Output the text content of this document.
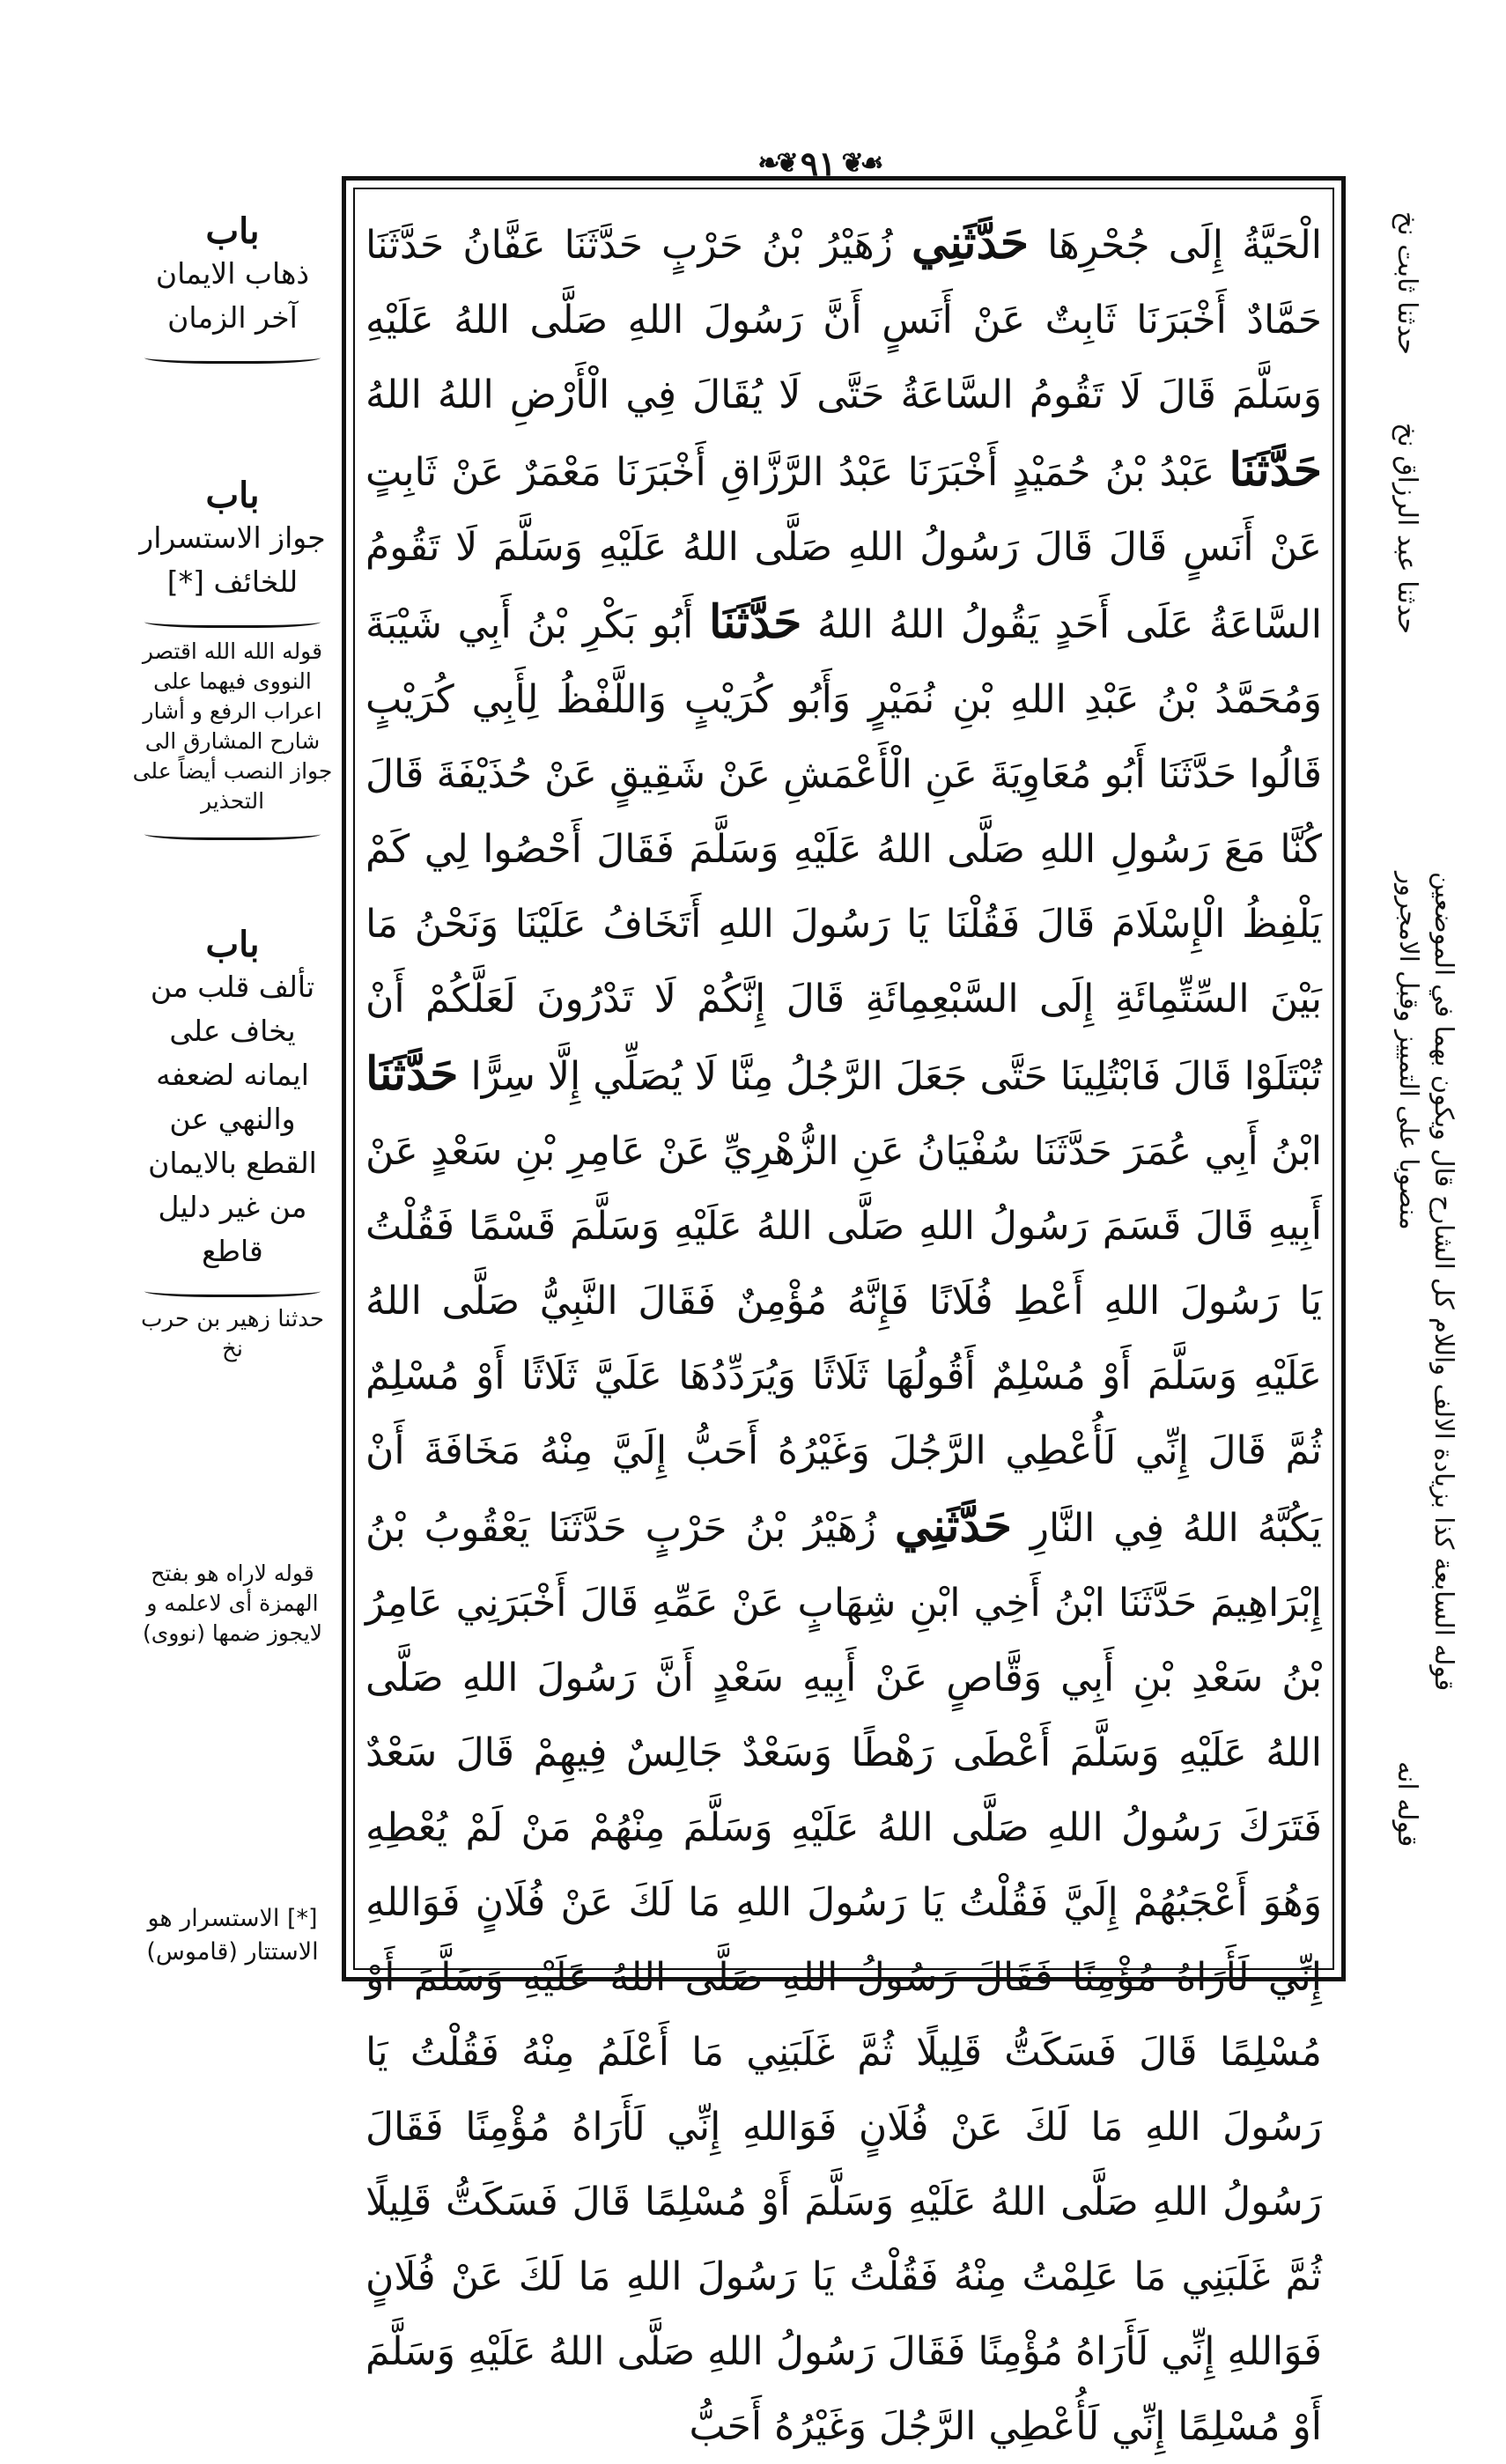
❧❦ ٩١ ❦☙

الْحَيَّةُ إِلَى جُحْرِهَا حَدَّثَنِي زُهَيْرُ بْنُ حَرْبٍ حَدَّثَنَا عَفَّانُ حَدَّثَنَا حَمَّادٌ أَخْبَرَنَا ثَابِتٌ عَنْ أَنَسٍ أَنَّ رَسُولَ اللهِ صَلَّى اللهُ عَلَيْهِ وَسَلَّمَ قَالَ لَا تَقُومُ السَّاعَةُ حَتَّى لَا يُقَالَ فِي الْأَرْضِ اللهُ اللهُ حَدَّثَنَا عَبْدُ بْنُ حُمَيْدٍ أَخْبَرَنَا عَبْدُ الرَّزَّاقِ أَخْبَرَنَا مَعْمَرٌ عَنْ ثَابِتٍ عَنْ أَنَسٍ قَالَ قَالَ رَسُولُ اللهِ صَلَّى اللهُ عَلَيْهِ وَسَلَّمَ لَا تَقُومُ السَّاعَةُ عَلَى أَحَدٍ يَقُولُ اللهُ اللهُ حَدَّثَنَا أَبُو بَكْرِ بْنُ أَبِي شَيْبَةَ وَمُحَمَّدُ بْنُ عَبْدِ اللهِ بْنِ نُمَيْرٍ وَأَبُو كُرَيْبٍ وَاللَّفْظُ لِأَبِي كُرَيْبٍ قَالُوا حَدَّثَنَا أَبُو مُعَاوِيَةَ عَنِ الْأَعْمَشِ عَنْ شَقِيقٍ عَنْ حُذَيْفَةَ قَالَ كُنَّا مَعَ رَسُولِ اللهِ صَلَّى اللهُ عَلَيْهِ وَسَلَّمَ فَقَالَ أَحْصُوا لِي كَمْ يَلْفِظُ الْإِسْلَامَ قَالَ فَقُلْنَا يَا رَسُولَ اللهِ أَتَخَافُ عَلَيْنَا وَنَحْنُ مَا بَيْنَ السِّتِّمِائَةِ إِلَى السَّبْعِمِائَةِ قَالَ إِنَّكُمْ لَا تَدْرُونَ لَعَلَّكُمْ أَنْ تُبْتَلَوْا قَالَ فَابْتُلِينَا حَتَّى جَعَلَ الرَّجُلُ مِنَّا لَا يُصَلِّي إِلَّا سِرًّا حَدَّثَنَا ابْنُ أَبِي عُمَرَ حَدَّثَنَا سُفْيَانُ عَنِ الزُّهْرِيِّ عَنْ عَامِرِ بْنِ سَعْدٍ عَنْ أَبِيهِ قَالَ قَسَمَ رَسُولُ اللهِ صَلَّى اللهُ عَلَيْهِ وَسَلَّمَ قَسْمًا فَقُلْتُ يَا رَسُولَ اللهِ أَعْطِ فُلَانًا فَإِنَّهُ مُؤْمِنٌ فَقَالَ النَّبِيُّ صَلَّى اللهُ عَلَيْهِ وَسَلَّمَ أَوْ مُسْلِمٌ أَقُولُهَا ثَلَاثًا وَيُرَدِّدُهَا عَلَيَّ ثَلَاثًا أَوْ مُسْلِمٌ ثُمَّ قَالَ إِنِّي لَأُعْطِي الرَّجُلَ وَغَيْرُهُ أَحَبُّ إِلَيَّ مِنْهُ مَخَافَةَ أَنْ يَكُبَّهُ اللهُ فِي النَّارِ حَدَّثَنِي زُهَيْرُ بْنُ حَرْبٍ حَدَّثَنَا يَعْقُوبُ بْنُ إِبْرَاهِيمَ حَدَّثَنَا ابْنُ أَخِي ابْنِ شِهَابٍ عَنْ عَمِّهِ قَالَ أَخْبَرَنِي عَامِرُ بْنُ سَعْدِ بْنِ أَبِي وَقَّاصٍ عَنْ أَبِيهِ سَعْدٍ أَنَّ رَسُولَ اللهِ صَلَّى اللهُ عَلَيْهِ وَسَلَّمَ أَعْطَى رَهْطًا وَسَعْدٌ جَالِسٌ فِيهِمْ قَالَ سَعْدٌ فَتَرَكَ رَسُولُ اللهِ صَلَّى اللهُ عَلَيْهِ وَسَلَّمَ مِنْهُمْ مَنْ لَمْ يُعْطِهِ وَهُوَ أَعْجَبُهُمْ إِلَيَّ فَقُلْتُ يَا رَسُولَ اللهِ مَا لَكَ عَنْ فُلَانٍ فَوَاللهِ إِنِّي لَأَرَاهُ مُؤْمِنًا فَقَالَ رَسُولُ اللهِ صَلَّى اللهُ عَلَيْهِ وَسَلَّمَ أَوْ مُسْلِمًا قَالَ فَسَكَتُّ قَلِيلًا ثُمَّ غَلَبَنِي مَا أَعْلَمُ مِنْهُ فَقُلْتُ يَا رَسُولَ اللهِ مَا لَكَ عَنْ فُلَانٍ فَوَاللهِ إِنِّي لَأَرَاهُ مُؤْمِنًا فَقَالَ رَسُولُ اللهِ صَلَّى اللهُ عَلَيْهِ وَسَلَّمَ أَوْ مُسْلِمًا قَالَ فَسَكَتُّ قَلِيلًا ثُمَّ غَلَبَنِي مَا عَلِمْتُ مِنْهُ فَقُلْتُ يَا رَسُولَ اللهِ مَا لَكَ عَنْ فُلَانٍ فَوَاللهِ إِنِّي لَأَرَاهُ مُؤْمِنًا فَقَالَ رَسُولُ اللهِ صَلَّى اللهُ عَلَيْهِ وَسَلَّمَ أَوْ مُسْلِمًا إِنِّي لَأُعْطِي الرَّجُلَ وَغَيْرُهُ أَحَبُّ

حدثنا ثابت نخ
حدثنا عبد الرزاق نخ
قوله السابعة كذا بزيادة الالف واللام كل الشارح قال ويكون بهما في الموضعين منصوبا على التمييز وقبل الامجرور
قوله انه
باب
ذهاب الايمان آخر الزمان
باب
جواز الاستسرار للخائف [*]
قوله الله الله اقتصر النووى فيهما على اعراب الرفع و أشار شارح المشارق الى جواز النصب أيضاً على التحذير
باب
تألف قلب من يخاف على ايمانه لضعفه والنهي عن القطع بالايمان من غير دليل قاطع
حدثنا زهير بن حرب نخ
قوله لاراه هو بفتح الهمزة أى لاعلمه و لايجوز ضمها (نووى)
[*] الاستسرار هو الاستتار (قاموس)
